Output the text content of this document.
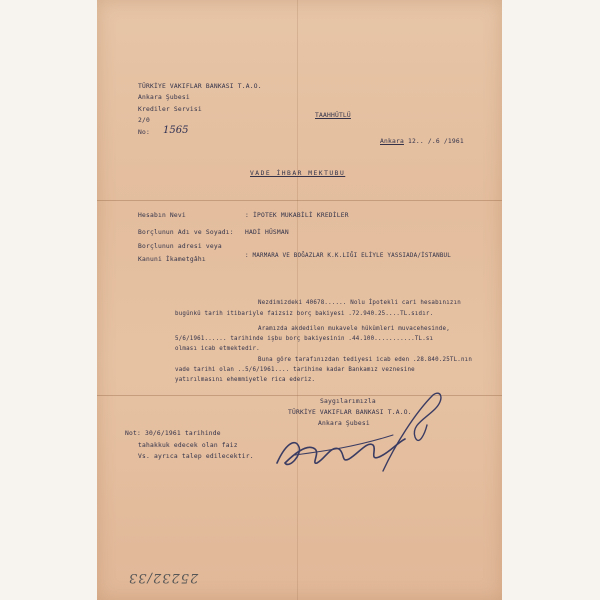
TÜRKİYE VAKIFLAR BANKASI T.A.O.
Ankara Şubesi
Krediler Servisi
2/0
No: 1565
TAAHHÜTLÜ
Ankara 12.. /.6 /1961
VADE İHBAR MEKTUBU
Hesabın Nevi	: İPOTEK MUKABİLİ KREDİLER
Borçlunun Adı ve Soyadı: HADİ HÜSMAN
Borçlunun adresi veya
Kanuni İkametgâhı	: MARMARA VE BOĞAZLAR K.K.LIĞI ELİYLE YASSIADA/İSTANBUL
Nezdimizdeki 40678...... Nolu İpotekli cari hesabınızın
bugünkü tarih itibariyle faizsiz borç bakiyesi .72.940.25....TL.sıdır.
Aramızda akdedilen mukavele hükümleri muvacehesinde,
5/6/1961...... tarihinde işbu borç bakiyesinin .44.100...........TL.sı
olması icab etmektedir.
Buna göre tarafınızdan tediyesi icab eden .28.840.25TL.nın
vade tarihi olan ..5/6/1961.... tarihine kadar Bankamız veznesine
yatırılmasını ehemmiyetle rica ederiz.
Saygılarımızla
TÜRKİYE VAKIFLAR BANKASI T.A.O.
Ankara Şubesi
Not: 30/6/1961 tarihinde
tahakkuk edecek olan faiz
Vs. ayrıca talep edilecektir.
25232/33
